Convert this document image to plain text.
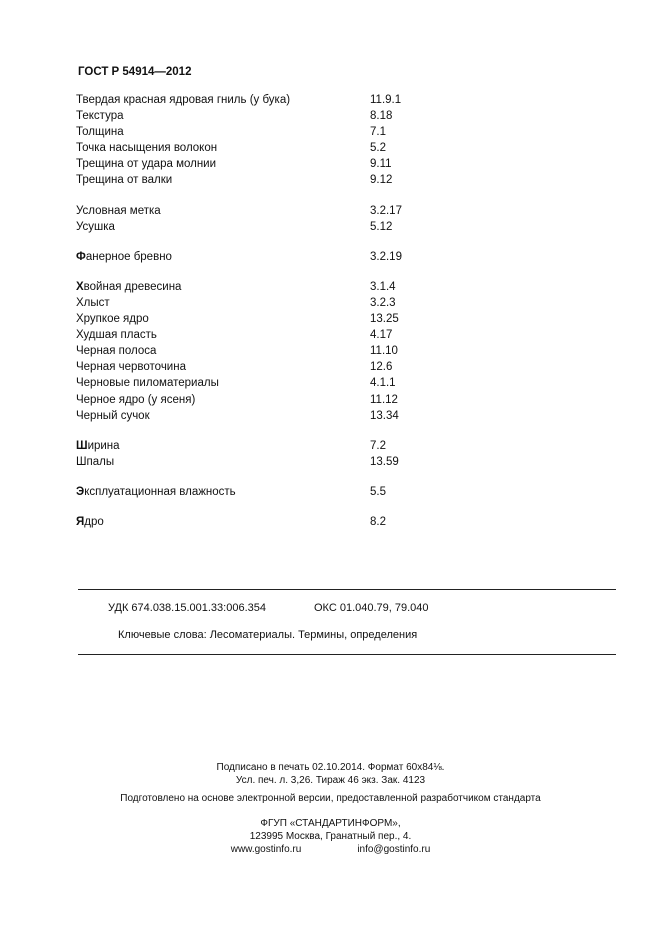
ГОСТ Р 54914—2012
Твердая красная ядровая гниль (у бука)	11.9.1
Текстура	8.18
Толщина	7.1
Точка насыщения волокон	5.2
Трещина от удара молнии	9.11
Трещина от валки	9.12
Условная метка	3.2.17
Усушка	5.12
Фанерное бревно	3.2.19
Хвойная древесина	3.1.4
Хлыст	3.2.3
Хрупкое ядро	13.25
Худшая пласть	4.17
Черная полоса	11.10
Черная червоточина	12.6
Черновые пиломатериалы	4.1.1
Черное ядро (у ясеня)	11.12
Черный сучок	13.34
Ширина	7.2
Шпалы	13.59
Эксплуатационная влажность	5.5
Ядро	8.2
УДК 674.038.15.001.33:006.354	ОКС 01.040.79, 79.040
Ключевые слова: Лесоматериалы. Термины, определения
Подписано в печать 02.10.2014. Формат 60x84⅛.
Усл. печ. л. 3,26. Тираж 46 экз. Зак. 4123
Подготовлено на основе электронной версии, предоставленной разработчиком стандарта
ФГУП «СТАНДАРТИНФОРМ»,
123995 Москва, Гранатный пер., 4.
www.gostinfo.ru	info@gostinfo.ru
